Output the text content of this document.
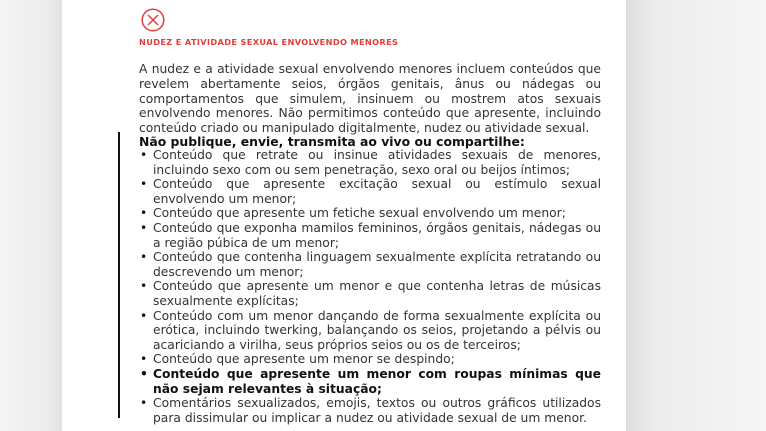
NUDEZ E ATIVIDADE SEXUAL ENVOLVENDO MENORES

A nudez e a atividade sexual envolvendo menores incluem conteúdos que revelem abertamente seios, órgãos genitais, ânus ou nádegas ou comportamentos que simulem, insinuem ou mostrem atos sexuais envolvendo menores. Não permitimos conteúdo que apresente, incluindo conteúdo criado ou manipulado digitalmente, nudez ou atividade sexual.

Não publique, envie, transmita ao vivo ou compartilhe:
• Conteúdo que retrate ou insinue atividades sexuais de menores, incluindo sexo com ou sem penetração, sexo oral ou beijos íntimos;
• Conteúdo que apresente excitação sexual ou estímulo sexual envolvendo um menor;
• Conteúdo que apresente um fetiche sexual envolvendo um menor;
• Conteúdo que exponha mamilos femininos, órgãos genitais, nádegas ou a região púbica de um menor;
• Conteúdo que contenha linguagem sexualmente explícita retratando ou descrevendo um menor;
• Conteúdo que apresente um menor e que contenha letras de músicas sexualmente explícitas;
• Conteúdo com um menor dançando de forma sexualmente explícita ou erótica, incluindo twerking, balançando os seios, projetando a pélvis ou acariciando a virilha, seus próprios seios ou os de terceiros;
• Conteúdo que apresente um menor se despindo;
• Conteúdo que apresente um menor com roupas mínimas que não sejam relevantes à situação;
• Comentários sexualizados, emojis, textos ou outros gráficos utilizados para dissimular ou implicar a nudez ou atividade sexual de um menor.
